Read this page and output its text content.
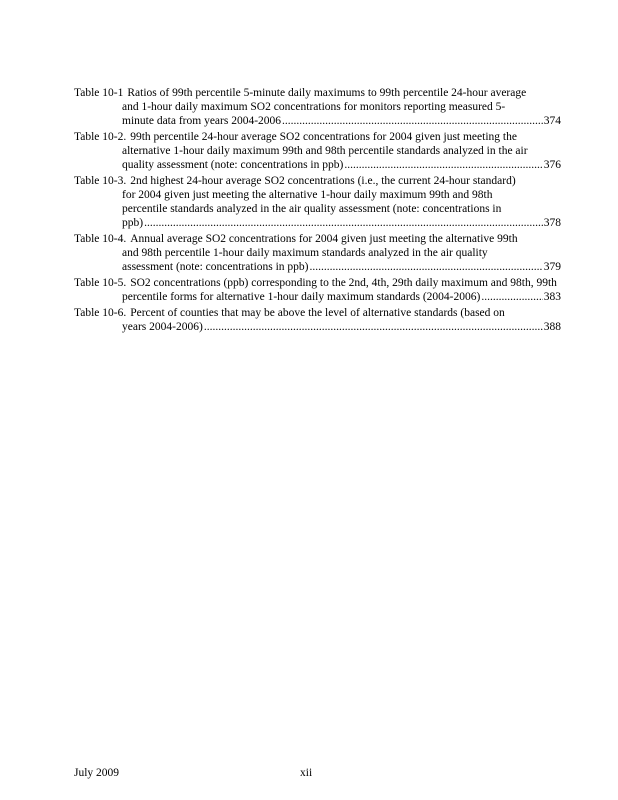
Table 10-1 Ratios of 99th percentile 5-minute daily maximums to 99th percentile 24-hour average
and 1-hour daily maximum SO2 concentrations for monitors reporting measured 5-
minute data from years 2004-2006 .....	374
Table 10-2. 99th percentile 24-hour average SO2 concentrations for 2004 given just meeting the
alternative 1-hour daily maximum 99th and 98th percentile standards analyzed in the air
quality assessment (note: concentrations in ppb) .....	376
Table 10-3. 2nd highest 24-hour average SO2 concentrations (i.e., the current 24-hour standard)
for 2004 given just meeting the alternative 1-hour daily maximum 99th and 98th
percentile standards analyzed in the air quality assessment (note: concentrations in
ppb) .....	378
Table 10-4. Annual average SO2 concentrations for 2004 given just meeting the alternative 99th
and 98th percentile 1-hour daily maximum standards analyzed in the air quality
assessment (note: concentrations in ppb) .....	379
Table 10-5. SO2 concentrations (ppb) corresponding to the 2nd, 4th, 29th daily maximum and 98th, 99th
percentile forms for alternative 1-hour daily maximum standards (2004-2006) .....	383
Table 10-6. Percent of counties that may be above the level of alternative standards (based on
years 2004-2006) .....	388
July 2009	xii
